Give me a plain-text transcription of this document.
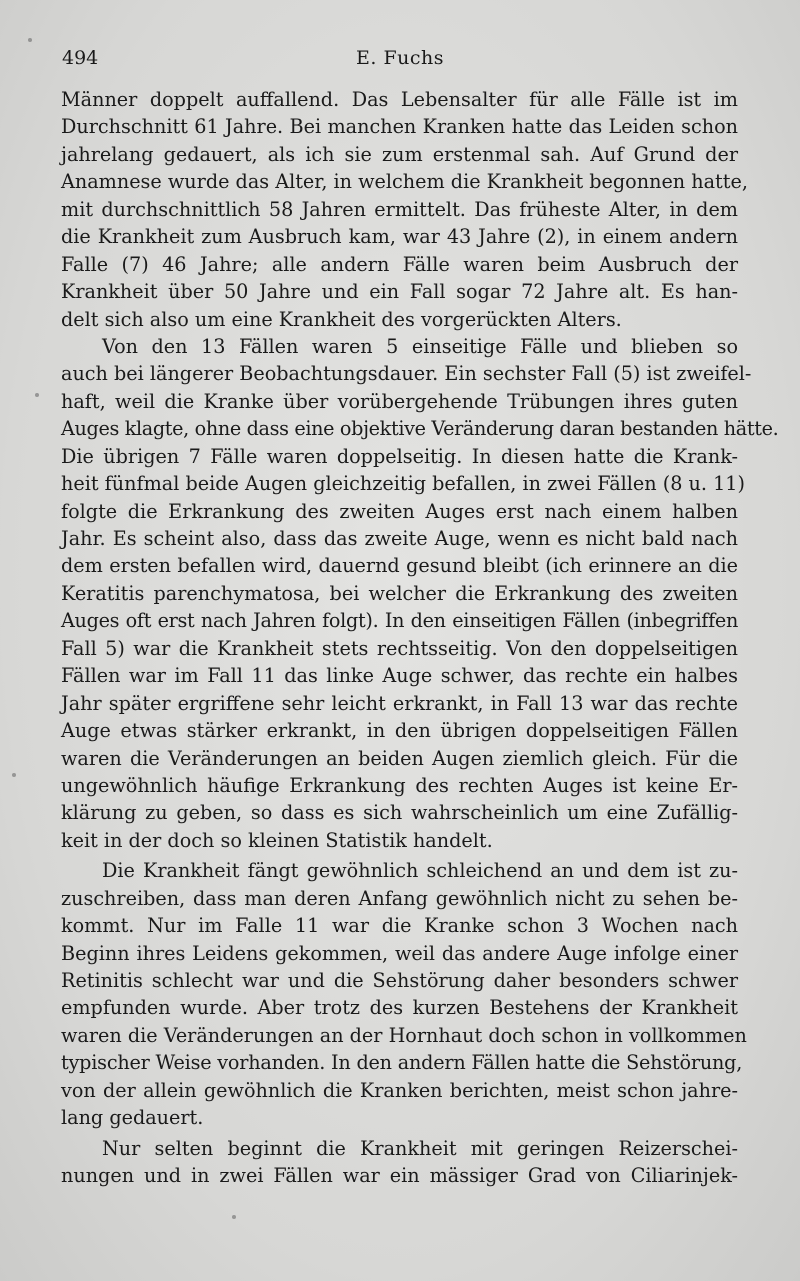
494	E. Fuchs
Männer doppelt auffallend. Das Lebensalter für alle Fälle ist im
Durchschnitt 61 Jahre. Bei manchen Kranken hatte das Leiden schon
jahrelang gedauert, als ich sie zum erstenmal sah. Auf Grund der
Anamnese wurde das Alter, in welchem die Krankheit begonnen hatte,
mit durchschnittlich 58 Jahren ermittelt. Das früheste Alter, in dem
die Krankheit zum Ausbruch kam, war 43 Jahre (2), in einem andern
Falle (7) 46 Jahre; alle andern Fälle waren beim Ausbruch der
Krankheit über 50 Jahre und ein Fall sogar 72 Jahre alt. Es han-
delt sich also um eine Krankheit des vorgerückten Alters.
Von den 13 Fällen waren 5 einseitige Fälle und blieben so
auch bei längerer Beobachtungsdauer. Ein sechster Fall (5) ist zweifel-
haft, weil die Kranke über vorübergehende Trübungen ihres guten
Auges klagte, ohne dass eine objektive Veränderung daran bestanden hätte.
Die übrigen 7 Fälle waren doppelseitig. In diesen hatte die Krank-
heit fünfmal beide Augen gleichzeitig befallen, in zwei Fällen (8 u. 11)
folgte die Erkrankung des zweiten Auges erst nach einem halben
Jahr. Es scheint also, dass das zweite Auge, wenn es nicht bald nach
dem ersten befallen wird, dauernd gesund bleibt (ich erinnere an die
Keratitis parenchymatosa, bei welcher die Erkrankung des zweiten
Auges oft erst nach Jahren folgt). In den einseitigen Fällen (inbegriffen
Fall 5) war die Krankheit stets rechtsseitig. Von den doppelseitigen
Fällen war im Fall 11 das linke Auge schwer, das rechte ein halbes
Jahr später ergriffene sehr leicht erkrankt, in Fall 13 war das rechte
Auge etwas stärker erkrankt, in den übrigen doppelseitigen Fällen
waren die Veränderungen an beiden Augen ziemlich gleich. Für die
ungewöhnlich häufige Erkrankung des rechten Auges ist keine Er-
klärung zu geben, so dass es sich wahrscheinlich um eine Zufällig-
keit in der doch so kleinen Statistik handelt.
Die Krankheit fängt gewöhnlich schleichend an und dem ist zu-
zuschreiben, dass man deren Anfang gewöhnlich nicht zu sehen be-
kommt. Nur im Falle 11 war die Kranke schon 3 Wochen nach
Beginn ihres Leidens gekommen, weil das andere Auge infolge einer
Retinitis schlecht war und die Sehstörung daher besonders schwer
empfunden wurde. Aber trotz des kurzen Bestehens der Krankheit
waren die Veränderungen an der Hornhaut doch schon in vollkommen
typischer Weise vorhanden. In den andern Fällen hatte die Sehstörung,
von der allein gewöhnlich die Kranken berichten, meist schon jahre-
lang gedauert.
Nur selten beginnt die Krankheit mit geringen Reizerschei-
nungen und in zwei Fällen war ein mässiger Grad von Ciliarinjek-
